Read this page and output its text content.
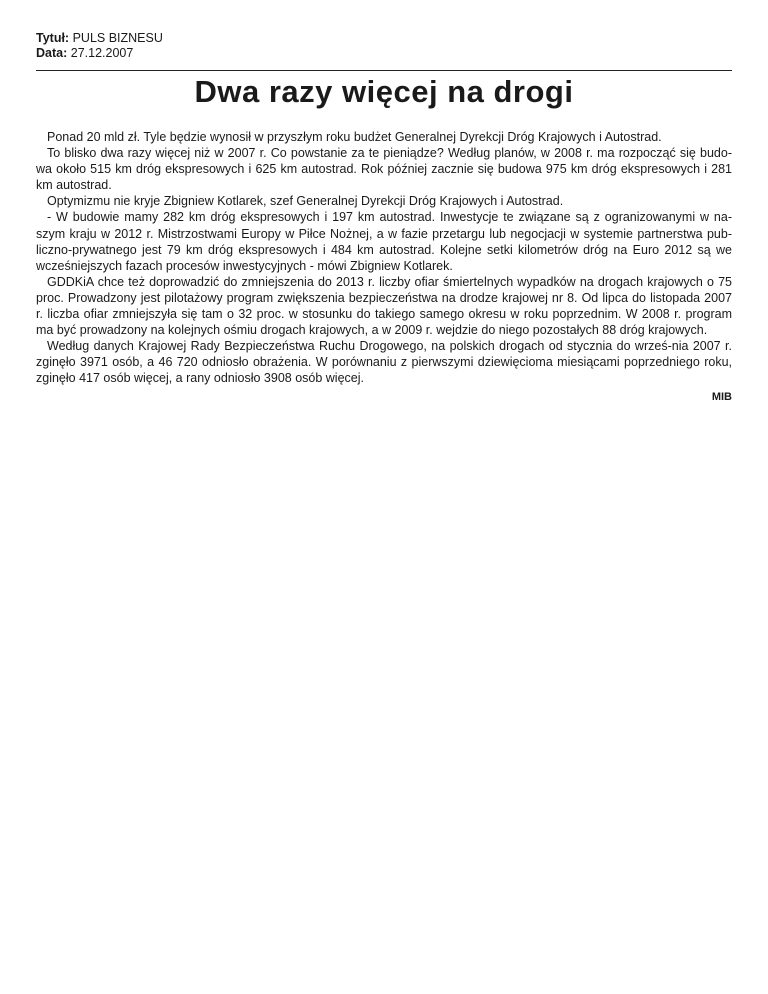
Tytuł: PULS BIZNESU
Data: 27.12.2007
Dwa razy więcej na drogi

Ponad 20 mld zł. Tyle będzie wynosił w przyszłym roku budżet Generalnej Dyrekcji Dróg Krajowych i Autostrad.

To blisko dwa razy więcej niż w 2007 r. Co powstanie za te pieniądze? Według planów, w 2008 r. ma rozpocząć się budo-wa około 515 km dróg ekspresowych i 625 km autostrad. Rok później zacznie się budowa 975 km dróg ekspresowych i 281 km autostrad.

Optymizmu nie kryje Zbigniew Kotlarek, szef Generalnej Dyrekcji Dróg Krajowych i Autostrad.

- W budowie mamy 282 km dróg ekspresowych i 197 km autostrad. Inwestycje te związane są z ogranizowanymi w na-szym kraju w 2012 r. Mistrzostwami Europy w Piłce Nożnej, a w fazie przetargu lub negocjacji w systemie partnerstwa pub-liczno-prywatnego jest 79 km dróg ekspresowych i 484 km autostrad. Kolejne setki kilometrów dróg na Euro 2012 są we wcześniejszych fazach procesów inwestycyjnych - mówi Zbigniew Kotlarek.

GDDKiA chce też doprowadzić do zmniejszenia do 2013 r. liczby ofiar śmiertelnych wypadków na drogach krajowych o 75 proc. Prowadzony jest pilotażowy program zwiększenia bezpieczeństwa na drodze krajowej nr 8. Od lipca do listopada 2007 r. liczba ofiar zmniejszyła się tam o 32 proc. w stosunku do takiego samego okresu w roku poprzednim. W 2008 r. program ma być prowadzony na kolejnych ośmiu drogach krajowych, a w 2009 r. wejdzie do niego pozostałych 88 dróg krajowych.

Według danych Krajowej Rady Bezpieczeństwa Ruchu Drogowego, na polskich drogach od stycznia do wrześ-nia 2007 r. zginęło 3971 osób, a 46 720 odniosło obrażenia. W porównaniu z pierwszymi dziewięcioma miesiącami poprzedniego roku, zginęło 417 osób więcej, a rany odniosło 3908 osób więcej.

MIB
